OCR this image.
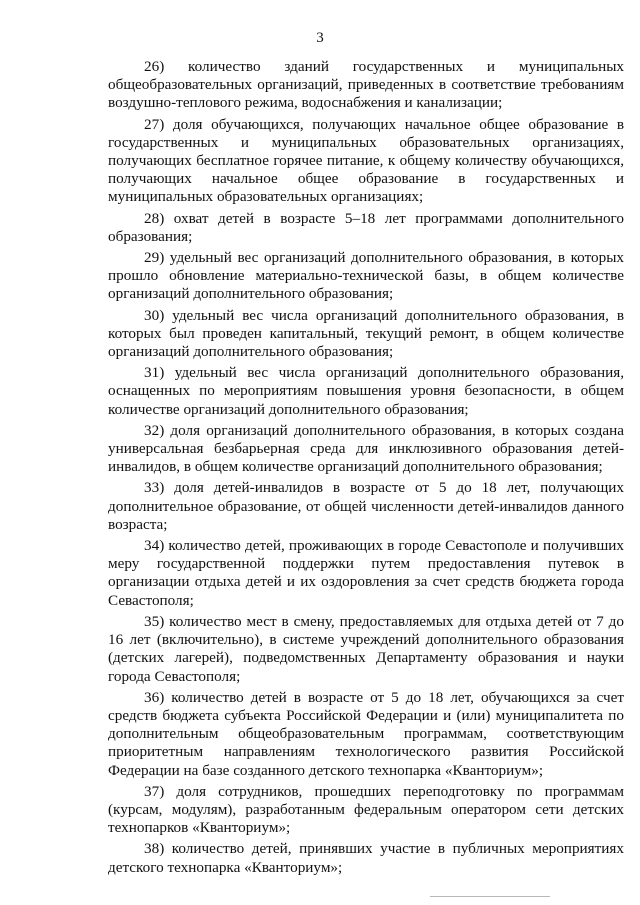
3

26) количество зданий государственных и муниципальных общеобразовательных организаций, приведенных в соответствие требованиям воздушно-теплового режима, водоснабжения и канализации;

27) доля обучающихся, получающих начальное общее образование в государственных и муниципальных образовательных организациях, получающих бесплатное горячее питание, к общему количеству обучающихся, получающих начальное общее образование в государственных и муниципальных образовательных организациях;

28) охват детей в возрасте 5–18 лет программами дополнительного образования;

29) удельный вес организаций дополнительного образования, в которых прошло обновление материально-технической базы, в общем количестве организаций дополнительного образования;

30) удельный вес числа организаций дополнительного образования, в которых был проведен капитальный, текущий ремонт, в общем количестве организаций дополнительного образования;

31) удельный вес числа организаций дополнительного образования, оснащенных по мероприятиям повышения уровня безопасности, в общем количестве организаций дополнительного образования;

32) доля организаций дополнительного образования, в которых создана универсальная безбарьерная среда для инклюзивного образования детей-инвалидов, в общем количестве организаций дополнительного образования;

33) доля детей-инвалидов в возрасте от 5 до 18 лет, получающих дополнительное образование, от общей численности детей-инвалидов данного возраста;

34) количество детей, проживающих в городе Севастополе и получивших меру государственной поддержки путем предоставления путевок в организации отдыха детей и их оздоровления за счет средств бюджета города Севастополя;

35) количество мест в смену, предоставляемых для отдыха детей от 7 до 16 лет (включительно), в системе учреждений дополнительного образования (детских лагерей), подведомственных Департаменту образования и науки города Севастополя;

36) количество детей в возрасте от 5 до 18 лет, обучающихся за счет средств бюджета субъекта Российской Федерации и (или) муниципалитета по дополнительным общеобразовательным программам, соответствующим приоритетным направлениям технологического развития Российской Федерации на базе созданного детского технопарка «Кванториум»;

37) доля сотрудников, прошедших переподготовку по программам (курсам, модулям), разработанным федеральным оператором сети детских технопарков «Кванториум»;

38) количество детей, принявших участие в публичных мероприятиях детского технопарка «Кванториум»;
